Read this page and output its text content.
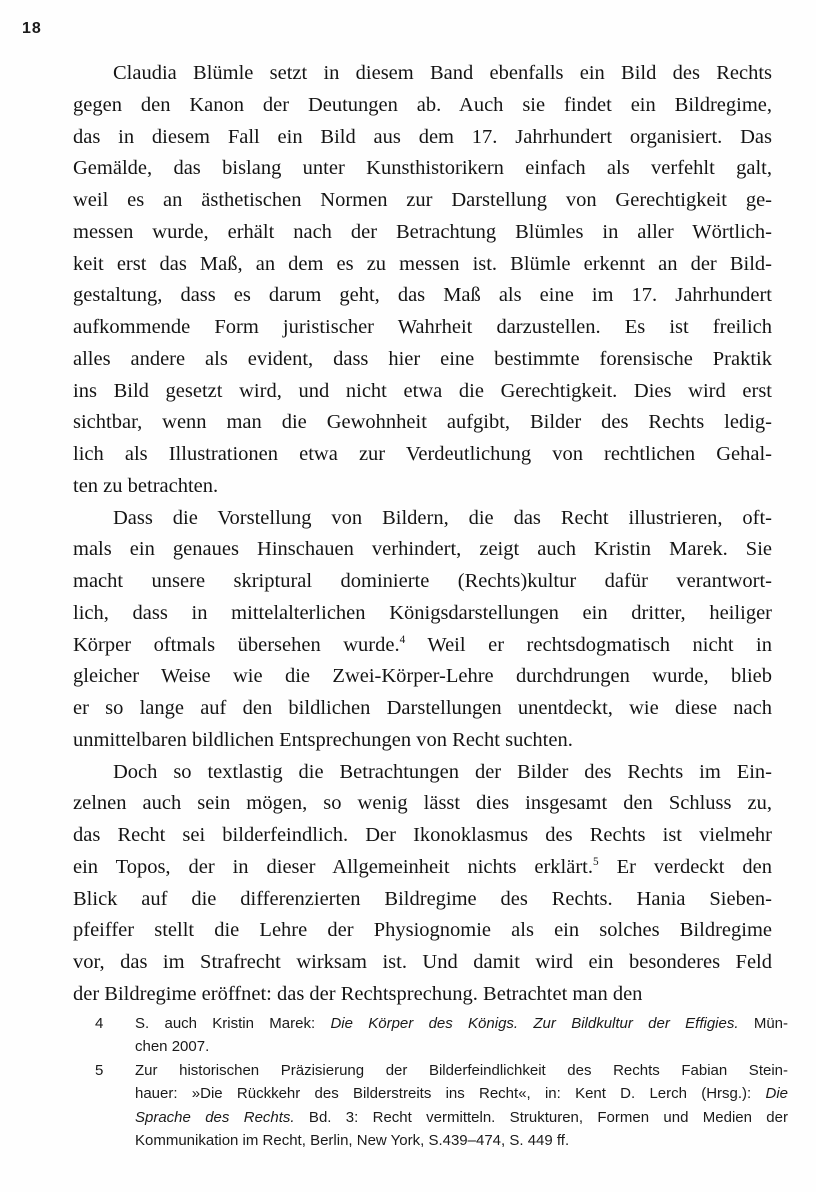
18
Claudia Blümle setzt in diesem Band ebenfalls ein Bild des Rechts
gegen den Kanon der Deutungen ab. Auch sie findet ein Bildregime,
das in diesem Fall ein Bild aus dem 17. Jahrhundert organisiert. Das
Gemälde, das bislang unter Kunsthistorikern einfach als verfehlt galt,
weil es an ästhetischen Normen zur Darstellung von Gerechtigkeit ge-
messen wurde, erhält nach der Betrachtung Blümles in aller Wörtlich-
keit erst das Maß, an dem es zu messen ist. Blümle erkennt an der Bild-
gestaltung, dass es darum geht, das Maß als eine im 17. Jahrhundert
aufkommende Form juristischer Wahrheit darzustellen. Es ist freilich
alles andere als evident, dass hier eine bestimmte forensische Praktik
ins Bild gesetzt wird, und nicht etwa die Gerechtigkeit. Dies wird erst
sichtbar, wenn man die Gewohnheit aufgibt, Bilder des Rechts ledig-
lich als Illustrationen etwa zur Verdeutlichung von rechtlichen Gehal-
ten zu betrachten.
Dass die Vorstellung von Bildern, die das Recht illustrieren, oft-
mals ein genaues Hinschauen verhindert, zeigt auch Kristin Marek. Sie
macht unsere skriptural dominierte (Rechts)kultur dafür verantwort-
lich, dass in mittelalterlichen Königsdarstellungen ein dritter, heiliger
Körper oftmals übersehen wurde.$^4$ Weil er rechtsdogmatisch nicht in
gleicher Weise wie die Zwei-Körper-Lehre durchdrungen wurde, blieb
er so lange auf den bildlichen Darstellungen unentdeckt, wie diese nach
unmittelbaren bildlichen Entsprechungen von Recht suchten.
Doch so textlastig die Betrachtungen der Bilder des Rechts im Ein-
zelnen auch sein mögen, so wenig lässt dies insgesamt den Schluss zu,
das Recht sei bilderfeindlich. Der Ikonoklasmus des Rechts ist vielmehr
ein Topos, der in dieser Allgemeinheit nichts erklärt.$^5$ Er verdeckt den
Blick auf die differenzierten Bildregime des Rechts. Hania Sieben-
pfeiffer stellt die Lehre der Physiognomie als ein solches Bildregime
vor, das im Strafrecht wirksam ist. Und damit wird ein besonderes Feld
der Bildregime eröffnet: das der Rechtsprechung. Betrachtet man den
4	S. auch Kristin Marek: Die Körper des Königs. Zur Bildkultur der Effigies. Mün-
chen 2007.
5	Zur historischen Präzisierung der Bilderfeindlichkeit des Rechts Fabian Stein-
hauer: »Die Rückkehr des Bilderstreits ins Recht«, in: Kent D. Lerch (Hrsg.): Die
Sprache des Rechts. Bd. 3: Recht vermitteln. Strukturen, Formen und Medien der
Kommunikation im Recht, Berlin, New York, S.439–474, S. 449 ff.
